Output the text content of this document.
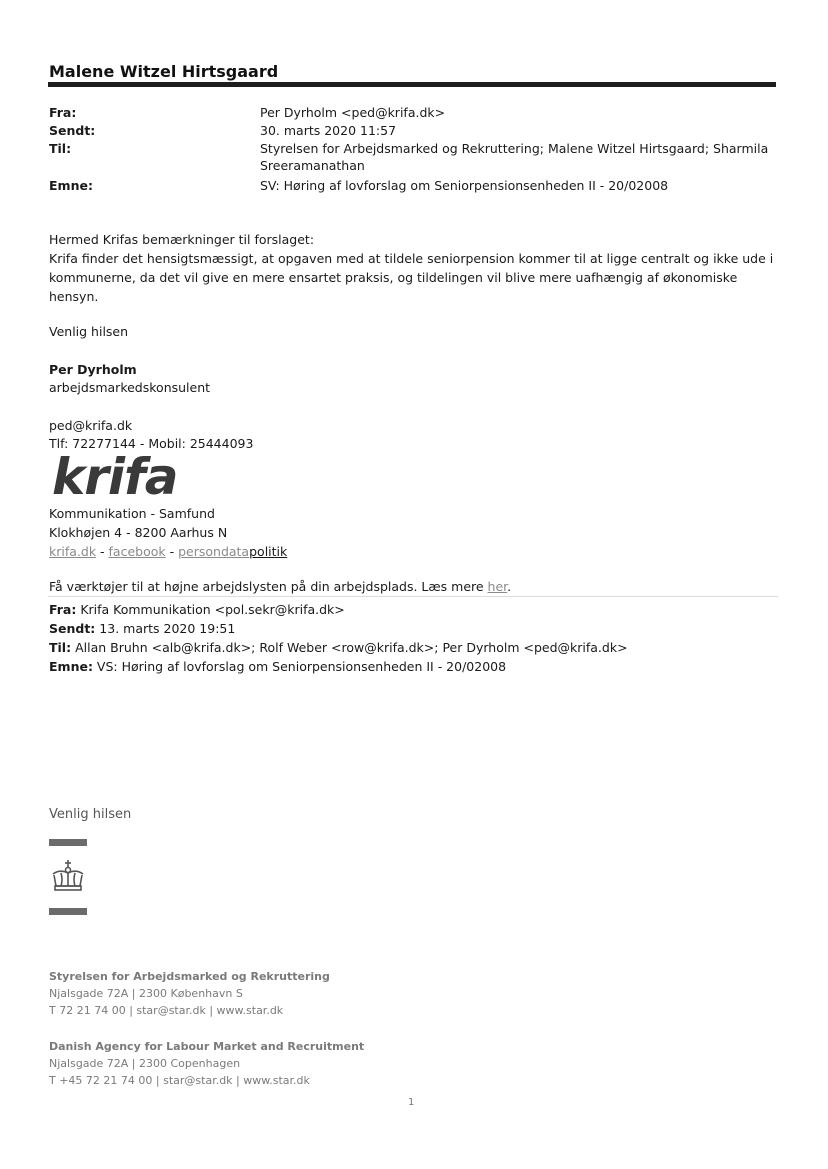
Malene Witzel Hirtsgaard
Fra:	Per Dyrholm <ped@krifa.dk>
Sendt:	30. marts 2020 11:57
Til:	Styrelsen for Arbejdsmarked og Rekruttering; Malene Witzel Hirtsgaard; Sharmila Sreeramanathan
Emne:	SV: Høring af lovforslag om Seniorpensionsenheden II - 20/02008
Hermed Krifas bemærkninger til forslaget:
Krifa finder det hensigtsmæssigt, at opgaven med at tildele seniorpension kommer til at ligge centralt og ikke ude i kommunerne, da det vil give en mere ensartet praksis, og tildelingen vil blive mere uafhængig af økonomiske hensyn.
Venlig hilsen
Per Dyrholm
arbejdsmarkedskonsulent
ped@krifa.dk
Tlf: 72277144 - Mobil: 25444093
krifa
Kommunikation - Samfund
Klokhøjen 4 - 8200 Aarhus N
krifa.dk - facebook - persondatapolitik
Få værktøjer til at højne arbejdslysten på din arbejdsplads. Læs mere her.
Fra: Krifa Kommunikation <pol.sekr@krifa.dk>
Sendt: 13. marts 2020 19:51
Til: Allan Bruhn <alb@krifa.dk>; Rolf Weber <row@krifa.dk>; Per Dyrholm <ped@krifa.dk>
Emne: VS: Høring af lovforslag om Seniorpensionsenheden II - 20/02008
Venlig hilsen
Styrelsen for Arbejdsmarked og Rekruttering
Njalsgade 72A | 2300 København S
T 72 21 74 00 | star@star.dk | www.star.dk
Danish Agency for Labour Market and Recruitment
Njalsgade 72A | 2300 Copenhagen
T +45 72 21 74 00 | star@star.dk | www.star.dk
1
